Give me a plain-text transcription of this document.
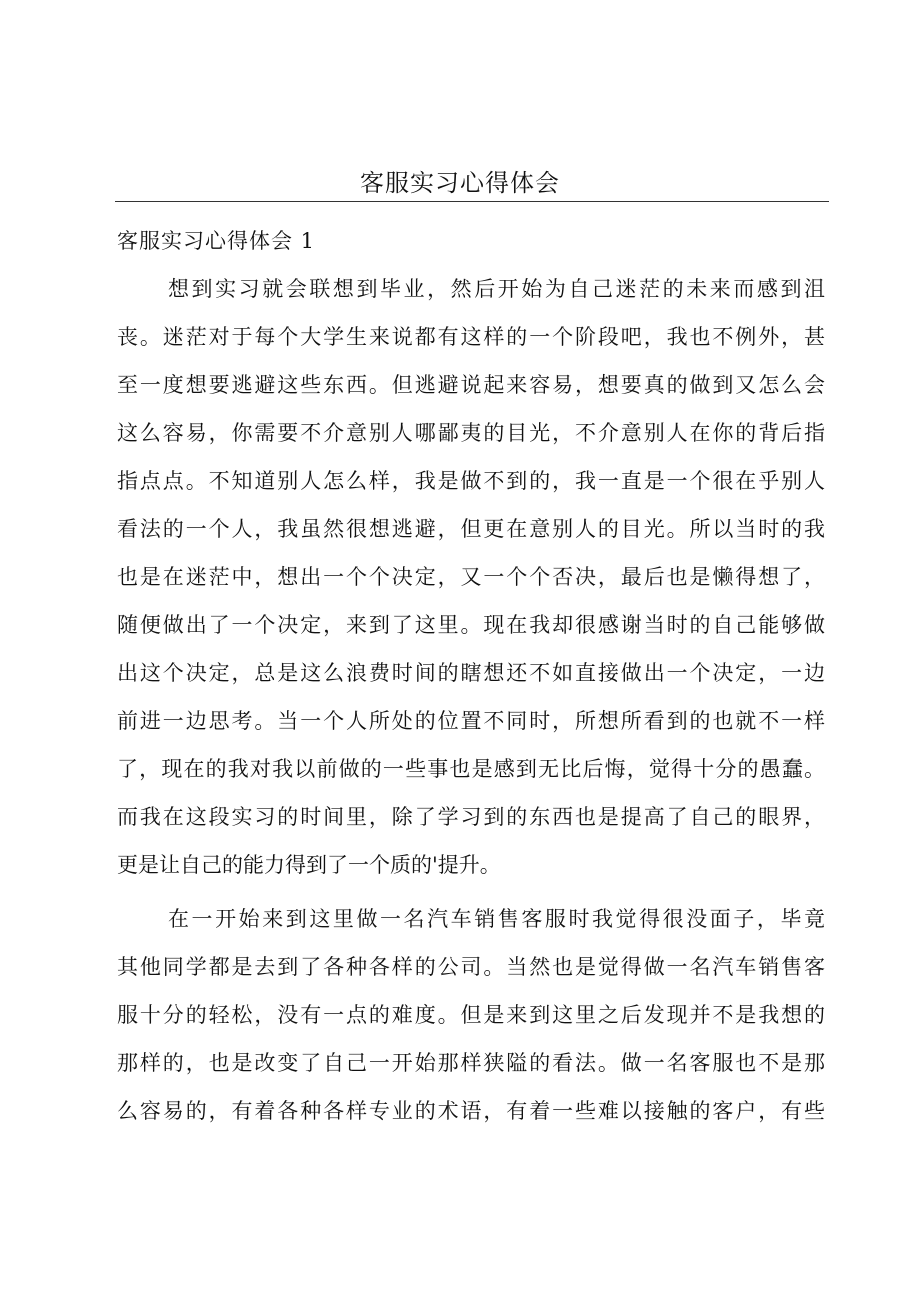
客服实习心得体会
客服实习心得体会 1

想到实习就会联想到毕业，然后开始为自己迷茫的未来而感到沮

丧。迷茫对于每个大学生来说都有这样的一个阶段吧，我也不例外，甚

至一度想要逃避这些东西。但逃避说起来容易，想要真的做到又怎么会

这么容易，你需要不介意别人哪鄙夷的目光，不介意别人在你的背后指

指点点。不知道别人怎么样，我是做不到的，我一直是一个很在乎别人

看法的一个人，我虽然很想逃避，但更在意别人的目光。所以当时的我

也是在迷茫中，想出一个个决定，又一个个否决，最后也是懒得想了，

随便做出了一个决定，来到了这里。现在我却很感谢当时的自己能够做

出这个决定，总是这么浪费时间的瞎想还不如直接做出一个决定，一边

前进一边思考。当一个人所处的位置不同时，所想所看到的也就不一样

了，现在的我对我以前做的一些事也是感到无比后悔，觉得十分的愚蠢。

而我在这段实习的时间里，除了学习到的东西也是提高了自己的眼界，

更是让自己的能力得到了一个质的'提升。

在一开始来到这里做一名汽车销售客服时我觉得很没面子，毕竟

其他同学都是去到了各种各样的公司。当然也是觉得做一名汽车销售客

服十分的轻松，没有一点的难度。但是来到这里之后发现并不是我想的

那样的，也是改变了自己一开始那样狭隘的看法。做一名客服也不是那

么容易的，有着各种各样专业的术语，有着一些难以接触的客户，有些
